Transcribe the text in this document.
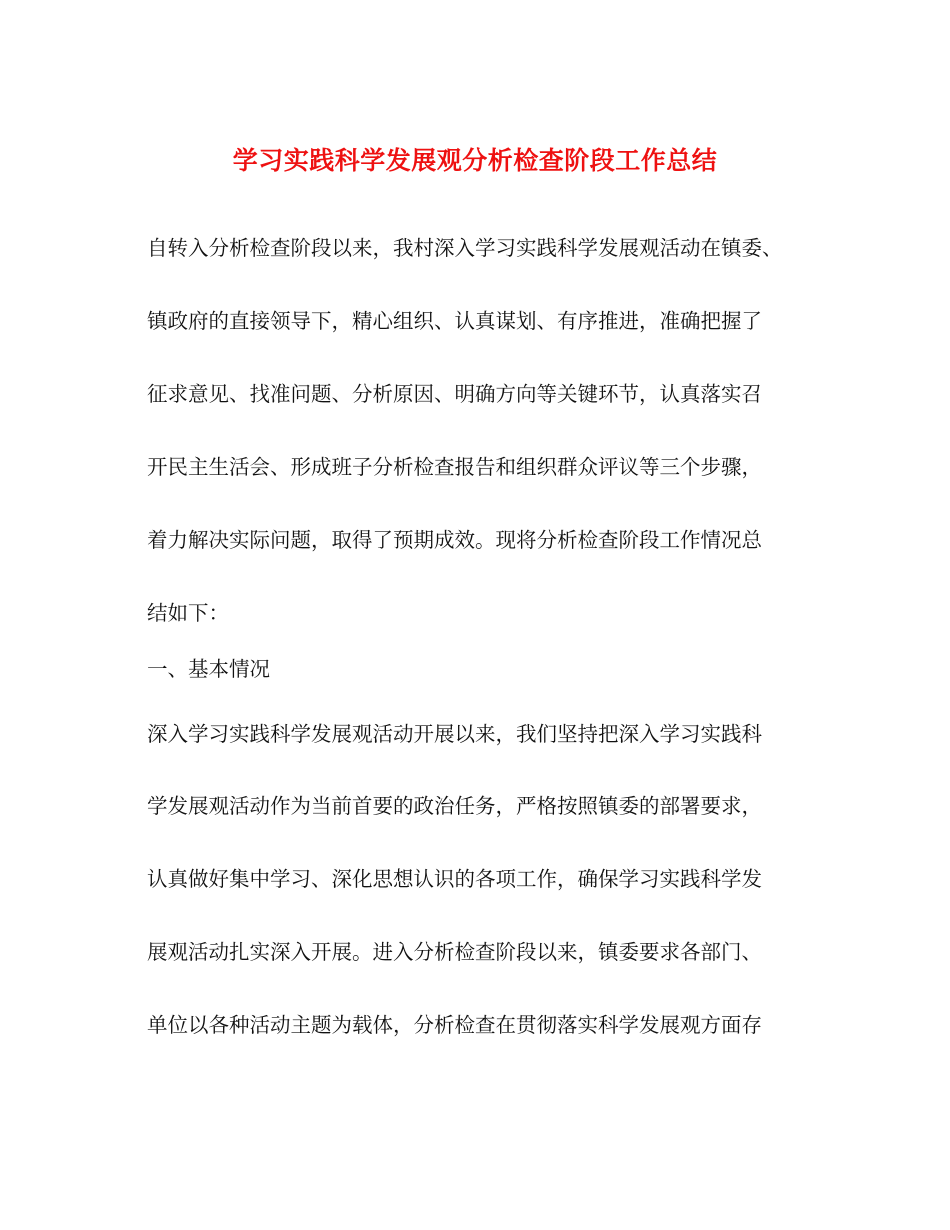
学习实践科学发展观分析检查阶段工作总结
自转入分析检查阶段以来，我村深入学习实践科学发展观活动在镇委、
镇政府的直接领导下，精心组织、认真谋划、有序推进，准确把握了
征求意见、找准问题、分析原因、明确方向等关键环节，认真落实召
开民主生活会、形成班子分析检查报告和组织群众评议等三个步骤，
着力解决实际问题，取得了预期成效。现将分析检查阶段工作情况总
结如下：
一、基本情况
深入学习实践科学发展观活动开展以来，我们坚持把深入学习实践科
学发展观活动作为当前首要的政治任务，严格按照镇委的部署要求，
认真做好集中学习、深化思想认识的各项工作，确保学习实践科学发
展观活动扎实深入开展。进入分析检查阶段以来，镇委要求各部门、
单位以各种活动主题为载体，分析检查在贯彻落实科学发展观方面存
